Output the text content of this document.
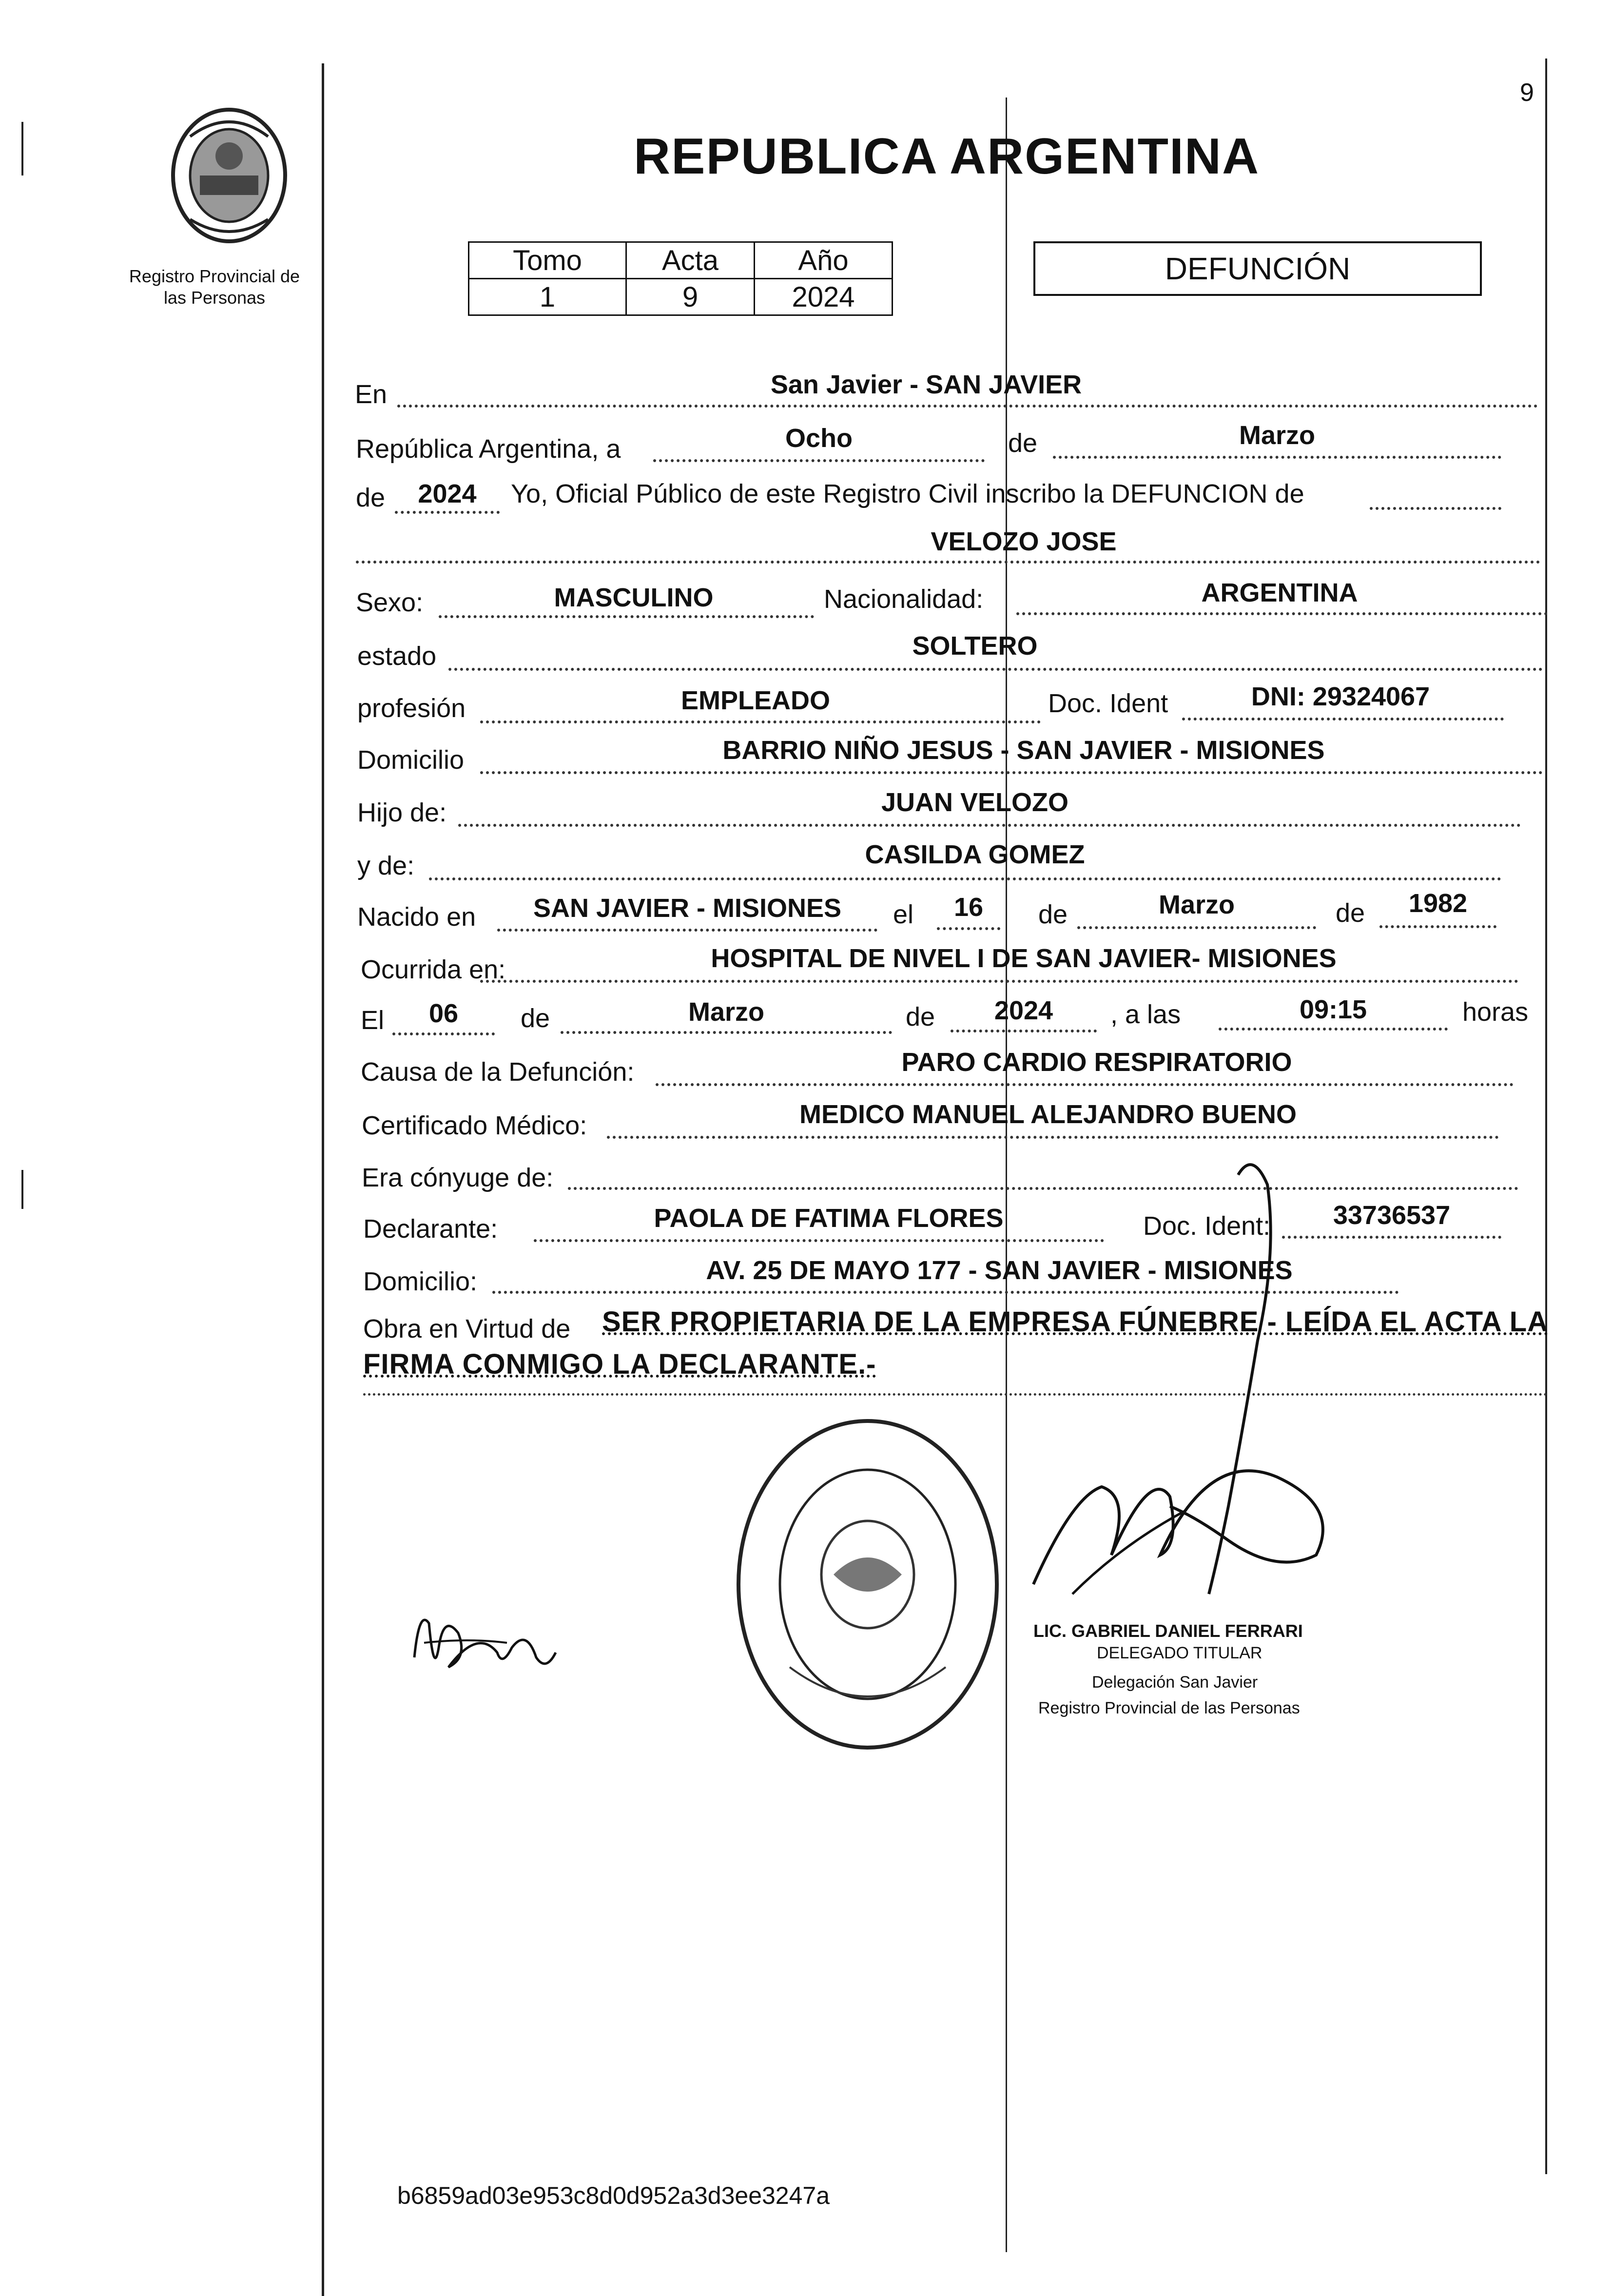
9
Registro Provincial de
las Personas
REPUBLICA ARGENTINA
Tomo	Acta	Año
1	9	2024
DEFUNCIÓN
En	San Javier - SAN JAVIER
República Argentina, a	Ocho	de	Marzo
de	2024	Yo, Oficial Público de este Registro Civil inscribo la DEFUNCION de
VELOZO JOSE
Sexo:	MASCULINO	Nacionalidad:	ARGENTINA
estado	SOLTERO
profesión	EMPLEADO	Doc. Ident	DNI: 29324067
Domicilio	BARRIO NIÑO JESUS - SAN JAVIER - MISIONES
Hijo de:	JUAN VELOZO
y de:	CASILDA GOMEZ
Nacido en	SAN JAVIER - MISIONES	el	16	de	Marzo	de	1982
Ocurrida en:	HOSPITAL DE NIVEL I DE SAN JAVIER- MISIONES
El	06	de	Marzo	de	2024	, a las	09:15	horas
Causa de la Defunción:	PARO CARDIO RESPIRATORIO
Certificado Médico:	MEDICO MANUEL ALEJANDRO BUENO
Era cónyuge de:
Declarante:	PAOLA DE FATIMA FLORES	Doc. Ident:	33736537
Domicilio:	AV. 25 DE MAYO 177 - SAN JAVIER - MISIONES
Obra en Virtud de SER PROPIETARIA DE LA EMPRESA FÚNEBRE - LEÍDA EL ACTA LA
FIRMA CONMIGO LA DECLARANTE.-
LIC. GABRIEL DANIEL FERRARI
DELEGADO TITULAR
Delegación San Javier
Registro Provincial de las Personas
b6859ad03e953c8d0d952a3d3ee3247a
